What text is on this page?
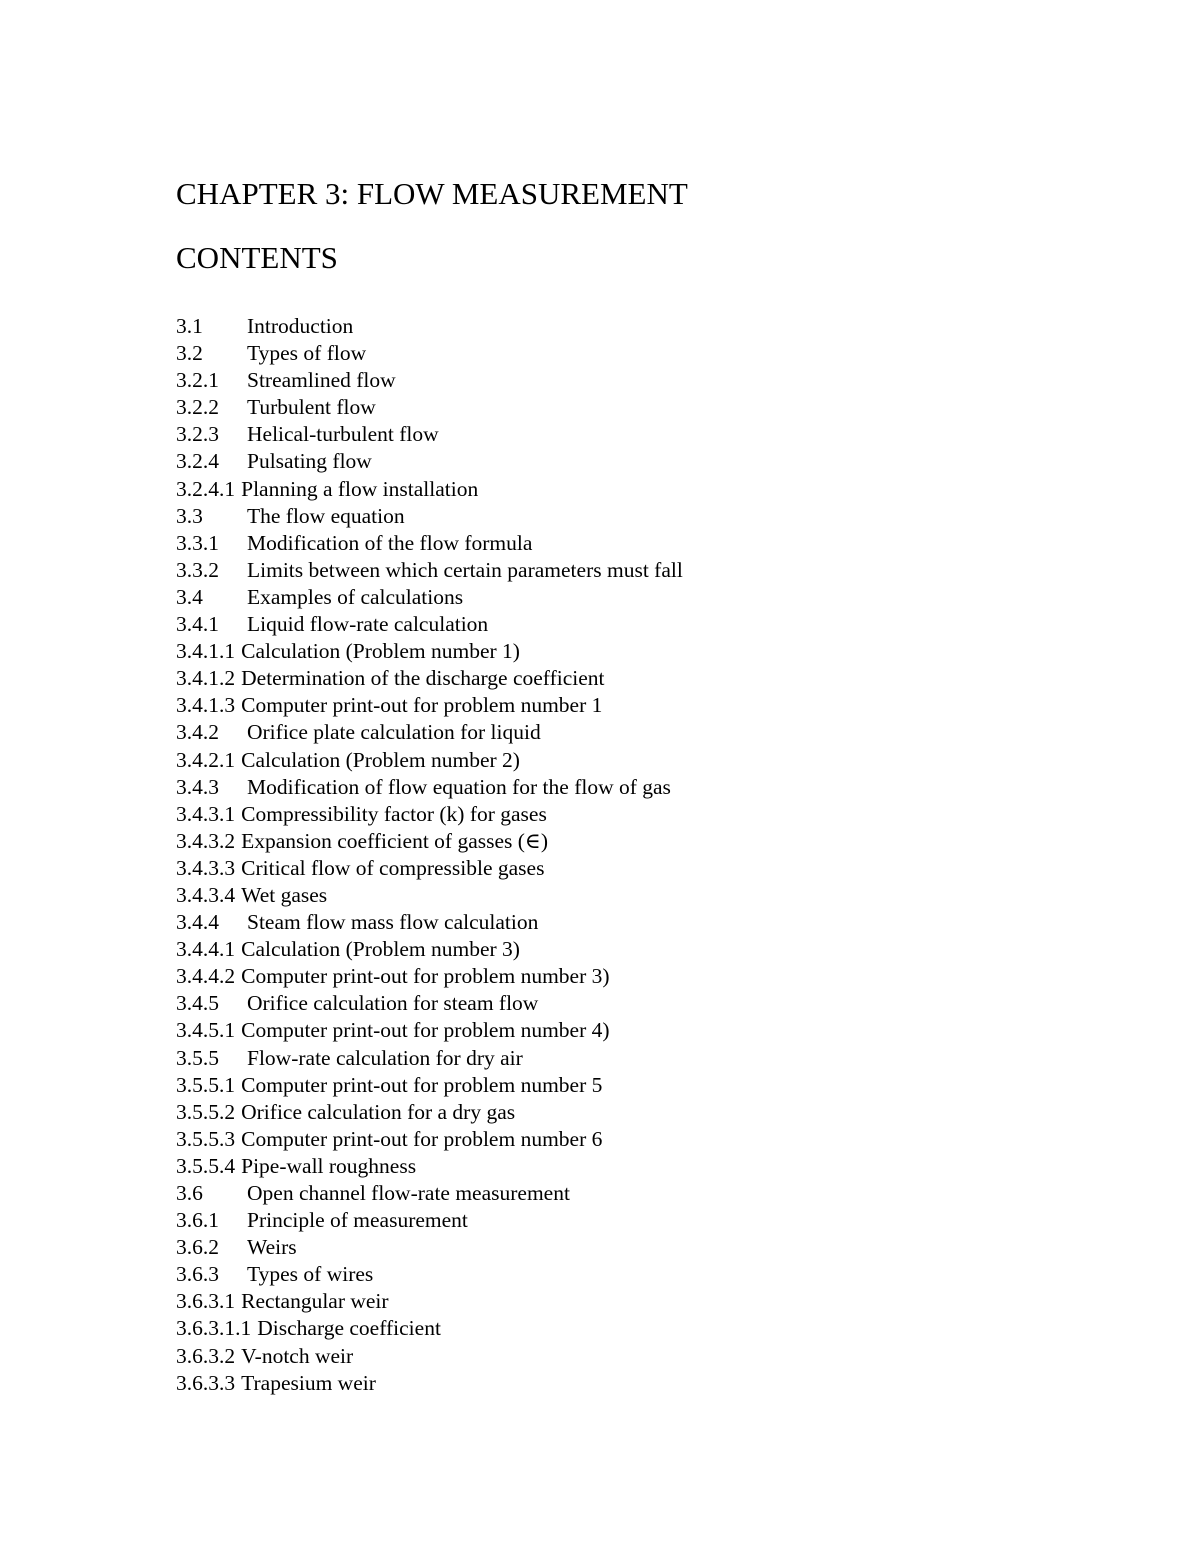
CHAPTER 3: FLOW MEASUREMENT
CONTENTS
3.1	Introduction
3.2	Types of flow
3.2.1	Streamlined flow
3.2.2	Turbulent flow
3.2.3	Helical-turbulent flow
3.2.4	Pulsating flow
3.2.4.1 Planning a flow installation
3.3	The flow equation
3.3.1	Modification of the flow formula
3.3.2	Limits between which certain parameters must fall
3.4	Examples of calculations
3.4.1	Liquid flow-rate calculation
3.4.1.1 Calculation (Problem number 1)
3.4.1.2 Determination of the discharge coefficient
3.4.1.3 Computer print-out for problem number 1
3.4.2	Orifice plate calculation for liquid
3.4.2.1 Calculation (Problem number 2)
3.4.3	Modification of flow equation for the flow of gas
3.4.3.1 Compressibility factor (k) for gases
3.4.3.2 Expansion coefficient of gasses (∈)
3.4.3.3 Critical flow of compressible gases
3.4.3.4 Wet gases
3.4.4	Steam flow mass flow calculation
3.4.4.1 Calculation (Problem number 3)
3.4.4.2 Computer print-out for problem number 3)
3.4.5	Orifice calculation for steam flow
3.4.5.1 Computer print-out for problem number 4)
3.5.5	Flow-rate calculation for dry air
3.5.5.1 Computer print-out for problem number 5
3.5.5.2 Orifice calculation for a dry gas
3.5.5.3 Computer print-out for problem number 6
3.5.5.4 Pipe-wall roughness
3.6	Open channel flow-rate measurement
3.6.1	Principle of measurement
3.6.2	Weirs
3.6.3	Types of wires
3.6.3.1 Rectangular weir
3.6.3.1.1 Discharge coefficient
3.6.3.2 V-notch weir
3.6.3.3 Trapesium weir
